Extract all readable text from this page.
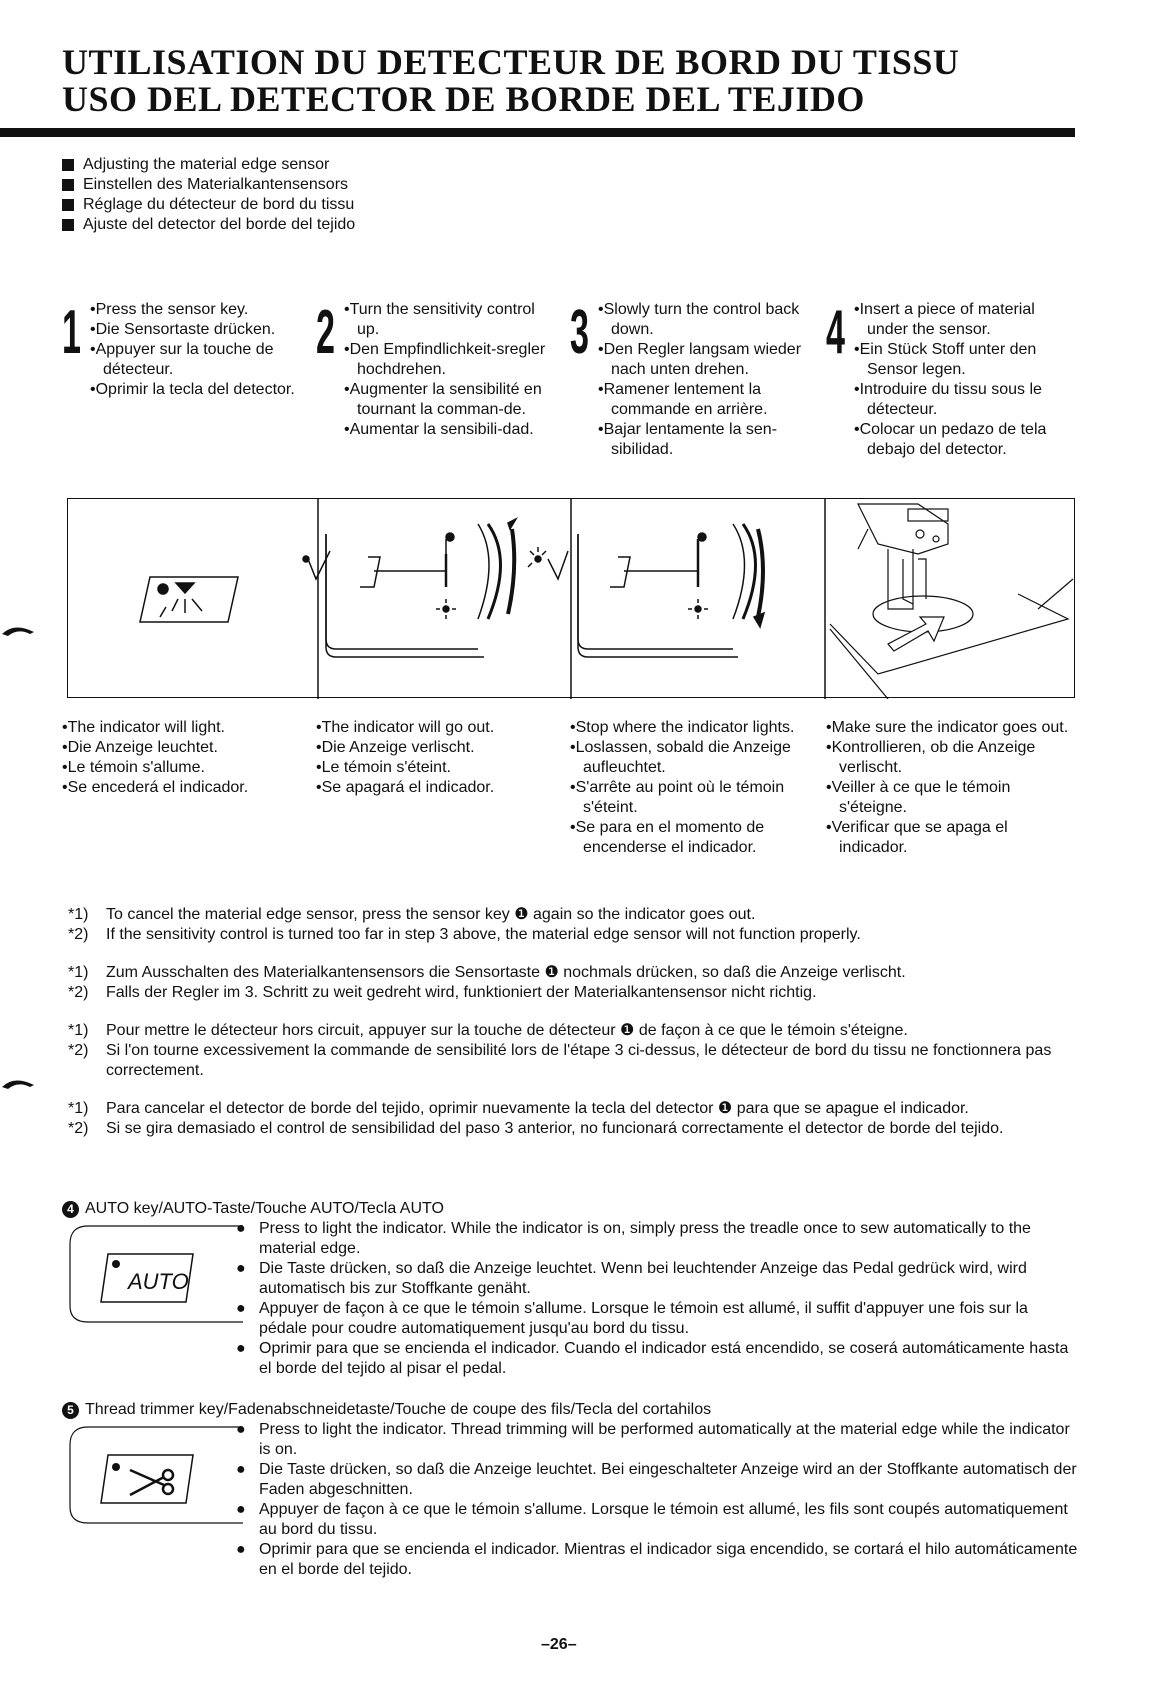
UTILISATION DU DETECTEUR DE BORD DU TISSU
USO DEL DETECTOR DE BORDE DEL TEJIDO
Adjusting the material edge sensor
Einstellen des Materialkantensensors
Réglage du détecteur de bord du tissu
Ajuste del detector del borde del tejido
1 •Press the sensor key.
•Die Sensortaste drücken.
•Appuyer sur la touche de détecteur.
•Oprimir la tecla del detector.
2 •Turn the sensitivity control up.
•Den Empfindlichkeit-sregler hochdrehen.
•Augmenter la sensibilité en tournant la comman-de.
•Aumentar la sensibili-dad.
3 •Slowly turn the control back down.
•Den Regler langsam wieder nach unten drehen.
•Ramener lentement la commande en arrière.
•Bajar lentamente la sen-sibilidad.
4 •Insert a piece of material under the sensor.
•Ein Stück Stoff unter den Sensor legen.
•Introduire du tissu sous le détecteur.
•Colocar un pedazo de tela debajo del detector.
•The indicator will light.
•Die Anzeige leuchtet.
•Le témoin s'allume.
•Se encederá el indicador.
•The indicator will go out.
•Die Anzeige verlischt.
•Le témoin s'éteint.
•Se apagará el indicador.
•Stop where the indicator lights.
•Loslassen, sobald die Anzeige aufleuchtet.
•S'arrête au point où le témoin s'éteint.
•Se para en el momento de encenderse el indicador.
•Make sure the indicator goes out.
•Kontrollieren, ob die Anzeige verlischt.
•Veiller à ce que le témoin s'éteigne.
•Verificar que se apaga el indicador.
*1)	To cancel the material edge sensor, press the sensor key ❶ again so the indicator goes out.
*2)	If the sensitivity control is turned too far in step 3 above, the material edge sensor will not function properly.
*1)	Zum Ausschalten des Materialkantensensors die Sensortaste ❶ nochmals drücken, so daß die Anzeige verlischt.
*2)	Falls der Regler im 3. Schritt zu weit gedreht wird, funktioniert der Materialkantensensor nicht richtig.
*1)	Pour mettre le détecteur hors circuit, appuyer sur la touche de détecteur ❶ de façon à ce que le témoin s'éteigne.
*2)	Si l'on tourne excessivement la commande de sensibilité lors de l'étape 3 ci-dessus, le détecteur de bord du tissu ne fonctionnera pas correctement.
*1)	Para cancelar el detector de borde del tejido, oprimir nuevamente la tecla del detector ❶ para que se apague el indicador.
*2)	Si se gira demasiado el control de sensibilidad del paso 3 anterior, no funcionará correctamente el detector de borde del tejido.
4 AUTO key/AUTO-Taste/Touche AUTO/Tecla AUTO
AUTO
● Press to light the indicator. While the indicator is on, simply press the treadle once to sew automatically to the material edge.
● Die Taste drücken, so daß die Anzeige leuchtet. Wenn bei leuchtender Anzeige das Pedal gedrück wird, wird automatisch bis zur Stoffkante genäht.
● Appuyer de façon à ce que le témoin s'allume. Lorsque le témoin est allumé, il suffit d'appuyer une fois sur la pédale pour coudre automatiquement jusqu'au bord du tissu.
● Oprimir para que se encienda el indicador. Cuando el indicador está encendido, se coserá automáticamente hasta el borde del tejido al pisar el pedal.
5 Thread trimmer key/Fadenabschneidetaste/Touche de coupe des fils/Tecla del cortahilos
● Press to light the indicator. Thread trimming will be performed automatically at the material edge while the indicator is on.
● Die Taste drücken, so daß die Anzeige leuchtet. Bei eingeschalteter Anzeige wird an der Stoffkante automatisch der Faden abgeschnitten.
● Appuyer de façon à ce que le témoin s'allume. Lorsque le témoin est allumé, les fils sont coupés automatiquement au bord du tissu.
● Oprimir para que se encienda el indicador. Mientras el indicador siga encendido, se cortará el hilo automáticamente en el borde del tejido.
–26–
